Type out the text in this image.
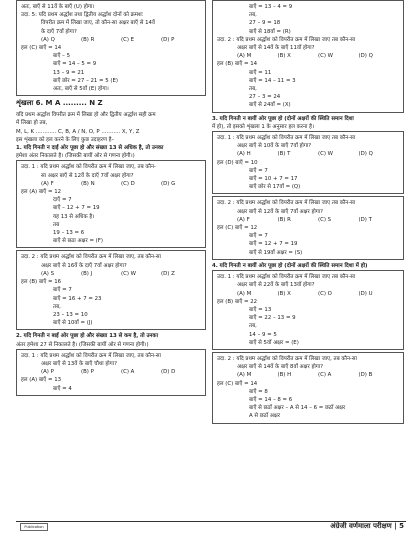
अतः, बाएँ से 11वें के बाएँ (U) होगा।
उदा. 5: यदि प्रथम अर्द्धांश तथा द्वितीय अर्द्धांश दोनों को क्रमशः
विपरीत क्रम में लिखा जाए, तो कौन-सा अक्षर बाएँ से 14वें
के दाएँ 7वाँ होगा?
(A) Q	(B) R	(C) E	(D) P
हल (C) बाएँ = 14
बाएँ – 5
बाएँ = 14 – 5 = 9
13 – 9 = 21
बाएँ छोर = 27 – 21 = 5 (E)
अतः, बाएँ से 5वाँ (E) होगा।
शृंखला 6. M A ......... N Z
यदि प्रथम अर्द्धांश विपरीत क्रम में लिखा हो और द्वितीय अर्द्धांश सही क्रम
में लिखा हो तब,
M, L, K ............ C, B, A / N, O, P ........... X, Y, Z
इस शृंखला को हल करने के लिए कुछ उदाहरण है–
1. यदि गिनती न दाईं ओर पूछा हो और संख्या 13 से अधिक है, तो उनका
हमेशा अंतर निकालते है। (जिसकी बायीं ओर से गणना होगी।)
उदा. 1 : यदि प्रथम अर्द्धांश को विपरीत क्रम में लिखा जाए, तब कौन-
सा अक्षर बाएँ से 12वें के दाएँ 7वाँ अक्षर होगा?
(A) F	(B) N	(C) D	(D) G
हल (A) बाएँ = 12
दाएँ = 7
बाएँ – 12 + 7 = 19
यह 13 से अधिक है।
तब
19 – 13 = 6
बाएँ से छठा अक्षर = (F)
उदा. 2 : यदि प्रथम अर्द्धांश को विपरीत क्रम में लिखा जाए, तब कौन-सा
अक्षर बाएँ से 16वें के दाएँ 7वाँ अक्षर होगा?
(A) S	(B) J	(C) W	(D) Z
हल (B) बाएँ = 16
बाएँ = 7
बाएँ = 16 + 7 = 23
तब,
23 – 13 = 10
बाएँ से 10वाँ = (J)
2. यदि गिनती न बाईं ओर पूछा हो और संख्या 13 से कम है, तो उनका
अंतर हमेशा 27 से निकालते है। (जिसकी बायीं ओर से गणना होगी।)
उदा. 1 : यदि प्रथम अर्द्धांश को विपरीत क्रम में लिखा जाए, तब कौन-सा
अक्षर बाएँ से 13वें के बाएँ चौथा होगा?
(A) P	(B) P	(C) A	(D) D
हल (A) बाएँ = 13
बाएँ = 4
बाएँ = 13 – 4 = 9
तब,
27 – 9 = 18
बाएँ से 18वाँ = (R)
उदा. 2 : यदि प्रथम अर्द्धांश को विपरीत क्रम में लिखा जाए तब कौन-सा
अक्षर बाएँ से 14वें के बाएँ 11वाँ होगा?
(A) M	(B) X	(C) W	(D) Q
हल (B) बाएँ = 14
बाएँ = 11
बाएँ = 14 – 11 = 3
तब,
27 – 3 = 24
बाएँ से 24वाँ = (X)
3. यदि गिनती न बायीं ओर पूछा हो (दोनों अक्षरों की स्थिति समान दिशा
में हो), तो इसको शृंखला 1 के अनुसार हल करना है।
उदा. 1 : यदि प्रथम अर्द्धांश को विपरीत क्रम में लिखा जाए तब कौन-सा
अक्षर बाएँ से 10वें के बाएँ 7वाँ होगा?
(A) H	(B) T	(C) W	(D) Q
हल (D) बाएँ = 10
बाएँ = 7
बाएँ = 10 + 7 = 17
बाएँ छोर से 17वाँ = (Q)
उदा. 2 : यदि प्रथम अर्द्धांश को विपरीत क्रम में लिखा जाए तब कौन-सा
अक्षर बाएँ से 12वें के बाएँ 7वाँ अक्षर होगा?
(A) F	(B) R	(C) S	(D) T
हल (C) बाएँ = 12
बाएँ = 7
बाएँ = 12 + 7 = 19
बाएँ से 19वाँ अक्षर = (S)
4. यदि गिनती न बायीं ओर पूछा हो (दोनों अक्षरों की स्थिति समान दिशा में हो)
उदा. 1 : यदि प्रथम अर्द्धांश को विपरीत क्रम में लिखा जाए तब कौन-सा
अक्षर बाएँ से 22वें के बाएँ 13वाँ होगा?
(A) M	(B) X	(C) O	(D) U
हल (B) बाएँ = 22
बाएँ = 13
बाएँ = 22 – 13 = 9
तब,
14 – 9 = 5
बाएँ से 5वाँ अक्षर = (E)
उदा. 2 : यदि प्रथम अर्द्धांश को विपरीत क्रम में लिखा जाए, तब कौन-सा
अक्षर बाएँ से 14वें के बाएँ 8वाँ अक्षर होगा?
(A) M	(B) H	(C) A	(D) B
हल (C) बाएँ = 14
बाएँ = 8
बाएँ = 14 – 8 = 6
बाएँ से छठाँ अक्षर – A से 14 – 6 = छठाँ अक्षर
A से छठाँ अक्षर
Publication	अंग्रेजी वर्णमाला परीक्षण | 5
